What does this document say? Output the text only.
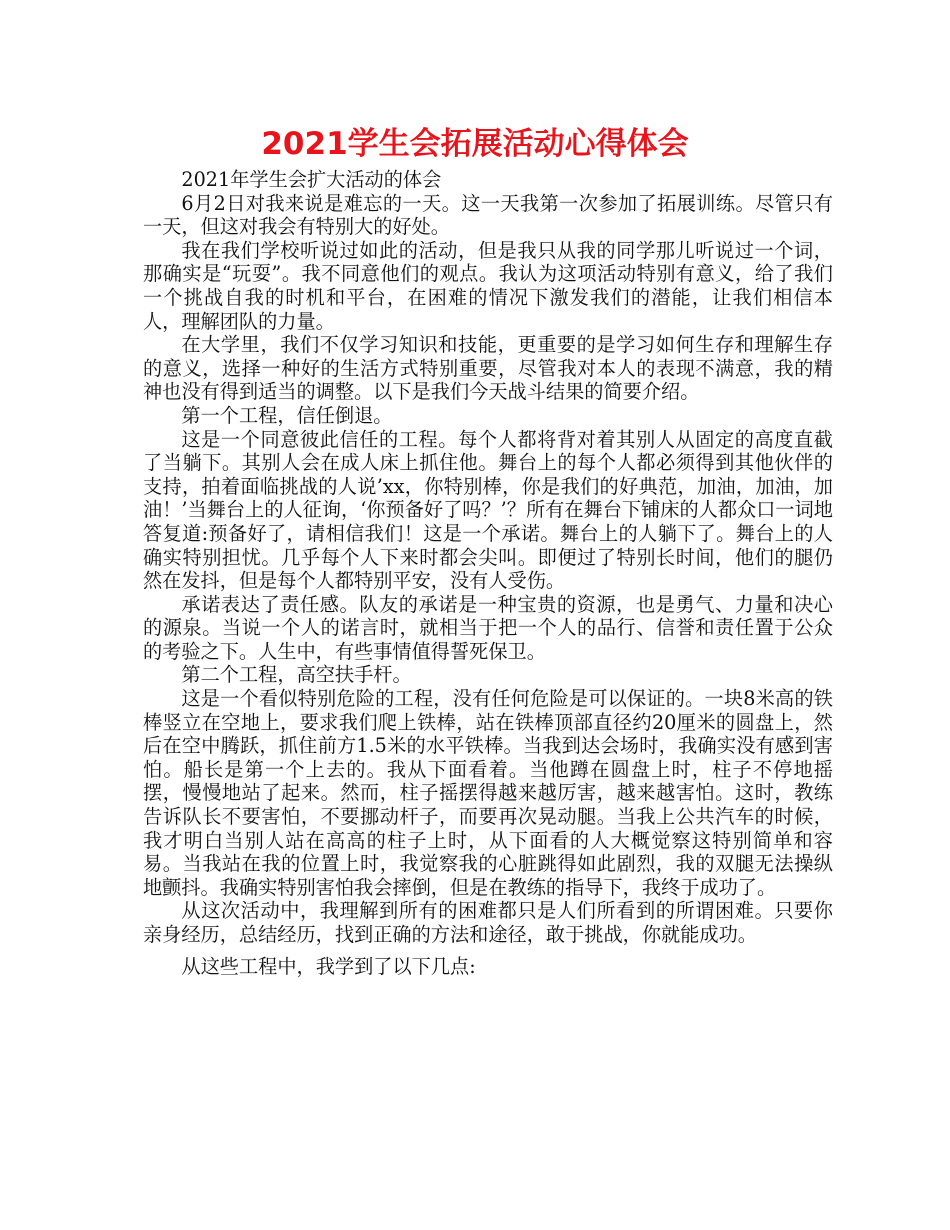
2021学生会拓展活动心得体会

2021年学生会扩大活动的体会

6月2日对我来说是难忘的一天。这一天我第一次参加了拓展训练。尽管只有一天，但这对我会有特别大的好处。

我在我们学校听说过如此的活动，但是我只从我的同学那儿听说过一个词，那确实是“玩耍”。我不同意他们的观点。我认为这项活动特别有意义，给了我们一个挑战自我的时机和平台，在困难的情况下激发我们的潜能，让我们相信本人，理解团队的力量。

在大学里，我们不仅学习知识和技能，更重要的是学习如何生存和理解生存的意义，选择一种好的生活方式特别重要，尽管我对本人的表现不满意，我的精神也没有得到适当的调整。以下是我们今天战斗结果的简要介绍。

第一个工程，信任倒退。

这是一个同意彼此信任的工程。每个人都将背对着其别人从固定的高度直截了当躺下。其别人会在成人床上抓住他。舞台上的每个人都必须得到其他伙伴的支持，拍着面临挑战的人说’xx，你特别棒，你是我们的好典范，加油，加油，加油！’当舞台上的人征询，‘你预备好了吗？’？所有在舞台下铺床的人都众口一词地答复道:预备好了，请相信我们！这是一个承诺。舞台上的人躺下了。舞台上的人确实特别担忧。几乎每个人下来时都会尖叫。即便过了特别长时间，他们的腿仍然在发抖，但是每个人都特别平安，没有人受伤。

承诺表达了责任感。队友的承诺是一种宝贵的资源，也是勇气、力量和决心的源泉。当说一个人的诺言时，就相当于把一个人的品行、信誉和责任置于公众的考验之下。人生中，有些事情值得誓死保卫。

第二个工程，高空扶手杆。

这是一个看似特别危险的工程，没有任何危险是可以保证的。一块8米高的铁棒竖立在空地上，要求我们爬上铁棒，站在铁棒顶部直径约20厘米的圆盘上，然后在空中腾跃，抓住前方1.5米的水平铁棒。当我到达会场时，我确实没有感到害怕。船长是第一个上去的。我从下面看着。当他蹲在圆盘上时，柱子不停地摇摆，慢慢地站了起来。然而，柱子摇摆得越来越厉害，越来越害怕。这时，教练告诉队长不要害怕，不要挪动杆子，而要再次晃动腿。当我上公共汽车的时候，我才明白当别人站在高高的柱子上时，从下面看的人大概觉察这特别简单和容易。当我站在我的位置上时，我觉察我的心脏跳得如此剧烈，我的双腿无法操纵地颤抖。我确实特别害怕我会摔倒，但是在教练的指导下，我终于成功了。

从这次活动中，我理解到所有的困难都只是人们所看到的所谓困难。只要你亲身经历，总结经历，找到正确的方法和途径，敢于挑战，你就能成功。

从这些工程中，我学到了以下几点:
